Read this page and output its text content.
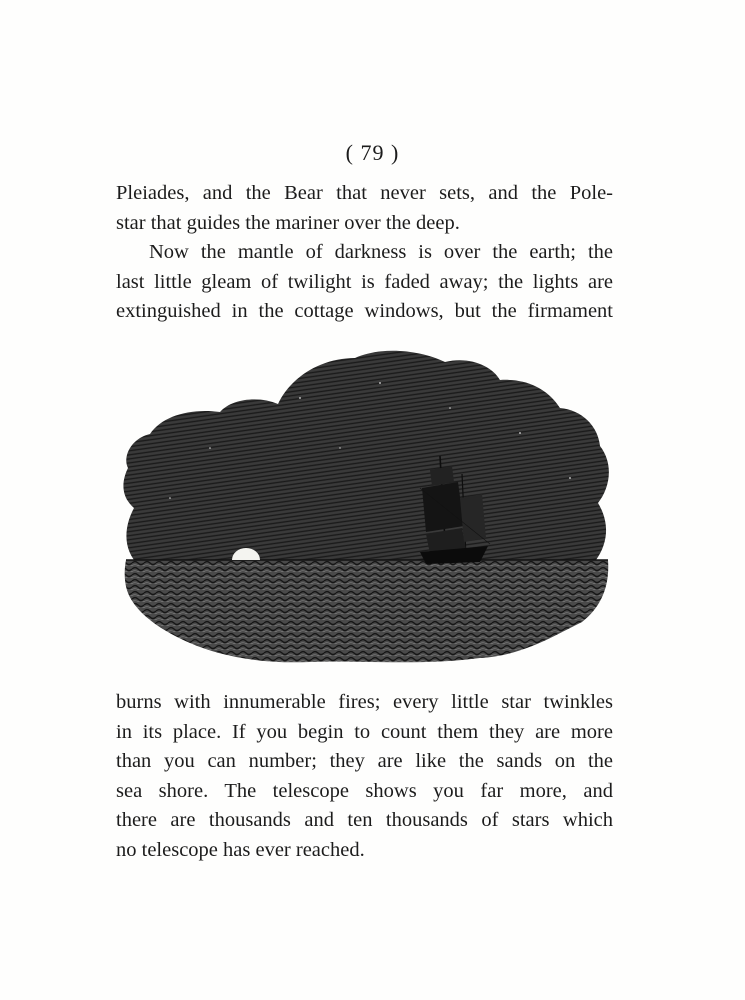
( 79 )
Pleiades, and the Bear that never sets, and the Pole-
star that guides the mariner over the deep.
Now the mantle of darkness is over the earth; the
last little gleam of twilight is faded away; the lights are
extinguished in the cottage windows, but the firmament
burns with innumerable fires; every little star twinkles
in its place. If you begin to count them they are more
than you can number; they are like the sands on the
sea shore. The telescope shows you far more, and
there are thousands and ten thousands of stars which
no telescope has ever reached.
